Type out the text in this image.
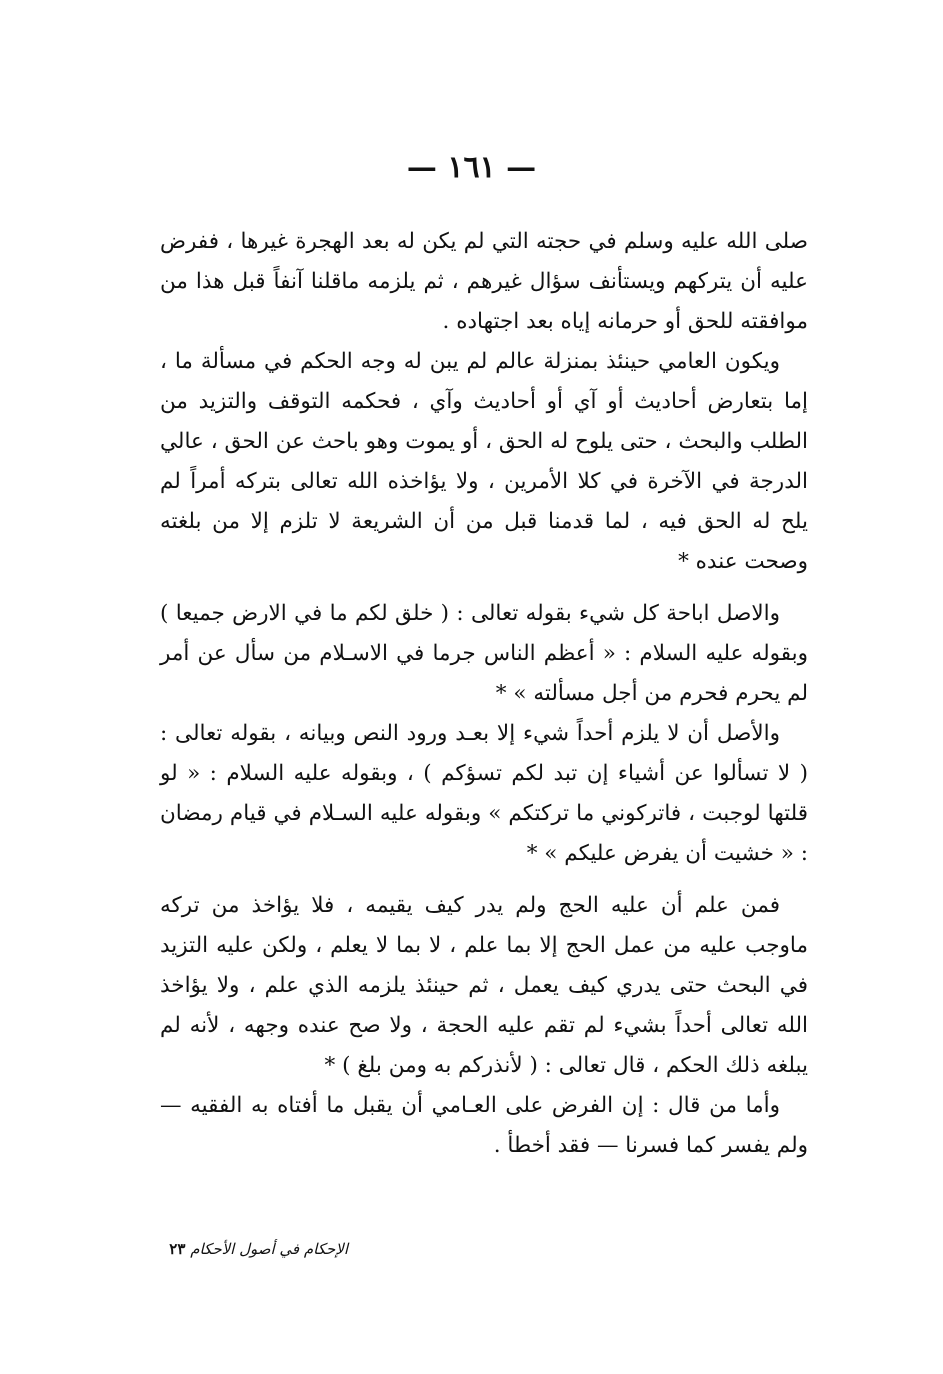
— ١٦١ —

صلى الله عليه وسلم في حجته التي لم يكن له بعد الهجرة غيرها ، ففرض عليه أن يتركهم ويستأنف سؤال غيرهم ، ثم يلزمه ماقلنا آنفاً قبل هذا من موافقته للحق أو حرمانه إياه بعد اجتهاده .

ويكون العامي حينئذ بمنزلة عالم لم يبن له وجه الحكم في مسألة ما ، إما بتعارض أحاديث أو آي أو أحاديث وآي ، فحكمه التوقف والتزيد من الطلب والبحث ، حتى يلوح له الحق ، أو يموت وهو باحث عن الحق ، عالي الدرجة في الآخرة في كلا الأمرين ، ولا يؤاخذه الله تعالى بتركه أمراً لم يلح له الحق فيه ، لما قدمنا قبل من أن الشريعة لا تلزم إلا من بلغته وصحت عنده *

والاصل اباحة كل شيء بقوله تعالى : ( خلق لكم ما في الارض جميعا ) وبقوله عليه السلام : « أعظم الناس جرما في الاسـلام من سأل عن أمر لم يحرم فحرم من أجل مسألته » *

والأصل أن لا يلزم أحداً شيء إلا بعـد ورود النص وبيانه ، بقوله تعالى : ( لا تسألوا عن أشياء إن تبد لكم تسؤكم ) ، وبقوله عليه السلام : « لو قلتها لوجبت ، فاتركوني ما تركتكم » وبقوله عليه السـلام في قيام رمضان : « خشيت أن يفرض عليكم » *

فمن علم أن عليه الحج ولم يدر كيف يقيمه ، فلا يؤاخذ من تركه ماوجب عليه من عمل الحج إلا بما علم ، لا بما لا يعلم ، ولكن عليه التزيد في البحث حتى يدري كيف يعمل ، ثم حينئذ يلزمه الذي علم ، ولا يؤاخذ الله تعالى أحداً بشيء لم تقم عليه الحجة ، ولا صح عنده وجهه ، لأنه لم يبلغه ذلك الحكم ، قال تعالى : ( لأنذركم به ومن بلغ ) *

وأما من قال : إن الفرض على العـامي أن يقبل ما أفتاه به الفقيه — ولم يفسر كما فسرنا — فقد أخطأ .

الإحكام في أصول الأحكام ٢٣
